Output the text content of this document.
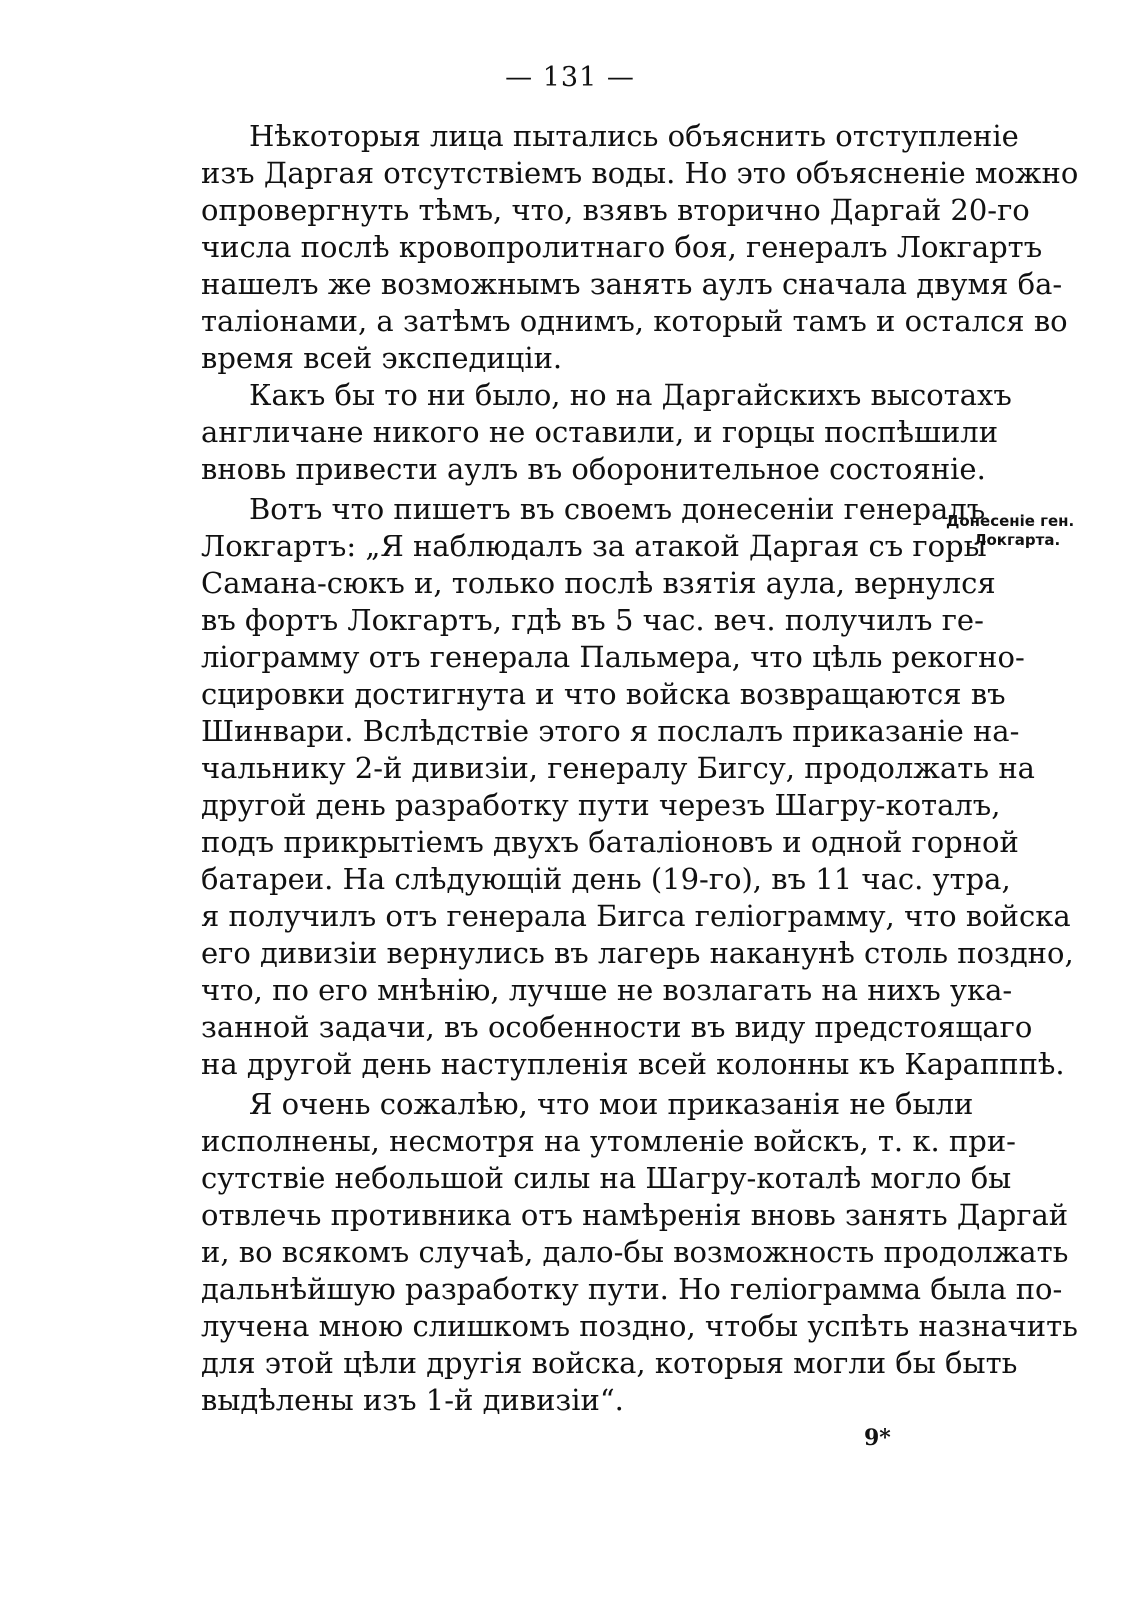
— 131 —
Нѣкоторыя лица пытались объяснить отступленіе
изъ Даргая отсутствіемъ воды. Но это объясненіе можно
опровергнуть тѣмъ, что, взявъ вторично Даргай 20-го
числа послѣ кровопролитнаго боя, генералъ Локгартъ
нашелъ же возможнымъ занять аулъ сначала двумя ба-
таліонами, а затѣмъ однимъ, который тамъ и остался во
время всей экспедиціи.
Какъ бы то ни было, но на Даргайскихъ высотахъ
англичане никого не оставили, и горцы поспѣшили
вновь привести аулъ въ оборонительное состояніе.
Вотъ что пишетъ въ своемъ донесеніи генералъ
Локгартъ: „Я наблюдалъ за атакой Даргая съ горы
Самана-сюкъ и, только послѣ взятія аула, вернулся
въ фортъ Локгартъ, гдѣ въ 5 час. веч. получилъ ге-
ліограмму отъ генерала Пальмера, что цѣль рекогно-
сцировки достигнута и что войска возвращаются въ
Шинвари. Вслѣдствіе этого я послалъ приказаніе на-
чальнику 2-й дивизіи, генералу Бигсу, продолжать на
другой день разработку пути черезъ Шагру-коталъ,
подъ прикрытіемъ двухъ баталіоновъ и одной горной
батареи. На слѣдующій день (19-го), въ 11 час. утра,
я получилъ отъ генерала Бигса геліограмму, что войска
его дивизіи вернулись въ лагерь наканунѣ столь поздно,
что, по его мнѣнію, лучше не возлагать на нихъ ука-
занной задачи, въ особенности въ виду предстоящаго
на другой день наступленія всей колонны къ Карапппѣ.
Я очень сожалѣю, что мои приказанія не были
исполнены, несмотря на утомленіе войскъ, т. к. при-
сутствіе небольшой силы на Шагру-коталѣ могло бы
отвлечь противника отъ намѣренія вновь занять Даргай
и, во всякомъ случаѣ, дало-бы возможность продолжать
дальнѣйшую разработку пути. Но геліограмма была по-
лучена мною слишкомъ поздно, чтобы успѣть назначить
для этой цѣли другія войска, которыя могли бы быть
выдѣлены изъ 1-й дивизіи“.
Донесеніе ген.
Локгарта.
9*
